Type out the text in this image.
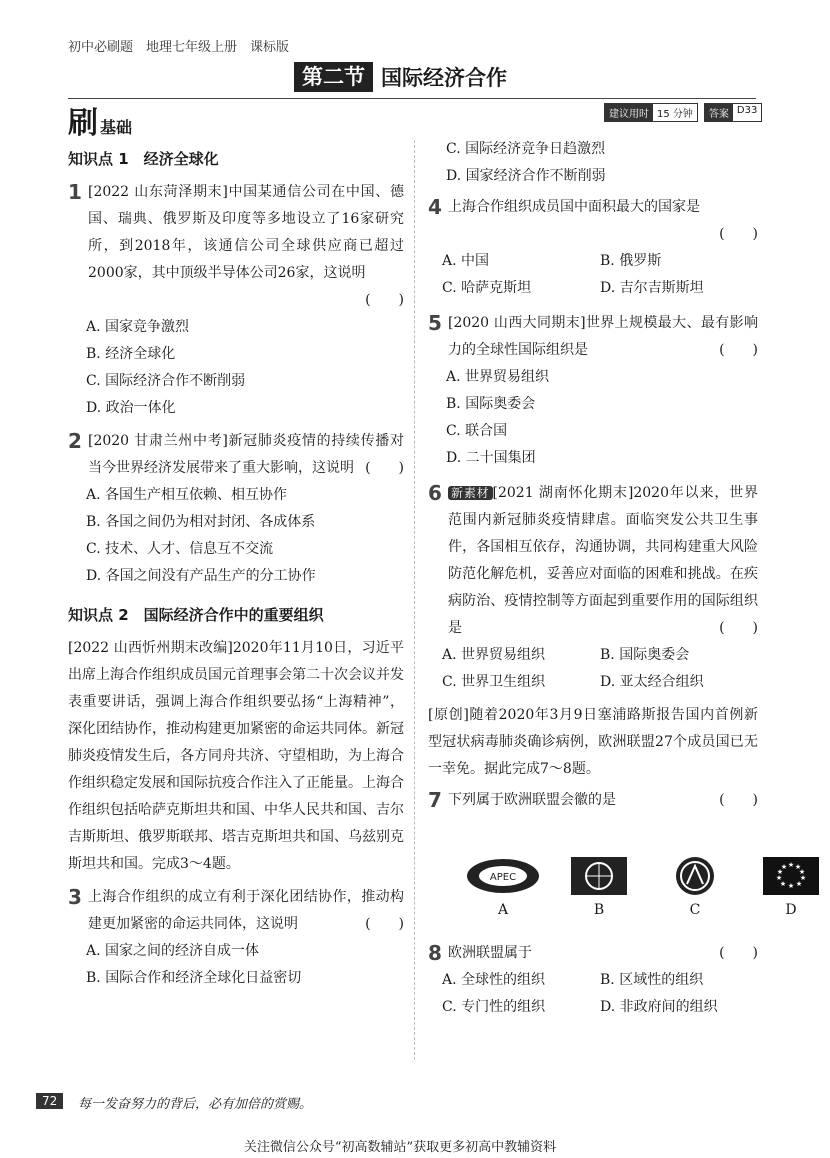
初中必刷题　地理七年级上册　课标版
第二节 国际经济合作
刷基础
建议用时 15 分钟	答案 D33
知识点 1　经济全球化
1 [2022 山东菏泽期末]中国某通信公司在中国、德国、瑞典、俄罗斯及印度等多地设立了16家研究所，到2018年，该通信公司全球供应商已超过2000家，其中顶级半导体公司26家，这说明
(　　)
A. 国家竞争激烈
B. 经济全球化
C. 国际经济合作不断削弱
D. 政治一体化
2 [2020 甘肃兰州中考]新冠肺炎疫情的持续传播对当今世界经济发展带来了重大影响，这说明 (　　)
A. 各国生产相互依赖、相互协作
B. 各国之间仍为相对封闭、各成体系
C. 技术、人才、信息互不交流
D. 各国之间没有产品生产的分工协作
知识点 2　国际经济合作中的重要组织
[2022 山西忻州期末改编]2020年11月10日，习近平出席上海合作组织成员国元首理事会第二十次会议并发表重要讲话，强调上海合作组织要弘扬“上海精神”，深化团结协作，推动构建更加紧密的命运共同体。新冠肺炎疫情发生后，各方同舟共济、守望相助，为上海合作组织稳定发展和国际抗疫合作注入了正能量。上海合作组织包括哈萨克斯坦共和国、中华人民共和国、吉尔吉斯斯坦、俄罗斯联邦、塔吉克斯坦共和国、乌兹别克斯坦共和国。完成3～4题。
3 上海合作组织的成立有利于深化团结协作，推动构建更加紧密的命运共同体，这说明	(　　)
A. 国家之间的经济自成一体
B. 国际合作和经济全球化日益密切
C. 国际经济竞争日趋激烈
D. 国家经济合作不断削弱
4 上海合作组织成员国中面积最大的国家是

(　　)
A. 中国	B. 俄罗斯
C. 哈萨克斯坦	D. 吉尔吉斯斯坦
5 [2020 山西大同期末]世界上规模最大、最有影响力的全球性国际组织是	(　　)
A. 世界贸易组织
B. 国际奥委会
C. 联合国
D. 二十国集团
6 新素材 [2021 湖南怀化期末]2020年以来，世界范围内新冠肺炎疫情肆虐。面临突发公共卫生事件，各国相互依存，沟通协调，共同构建重大风险防范化解危机，妥善应对面临的困难和挑战。在疾病防治、疫情控制等方面起到重要作用的国际组织是	(　　)
A. 世界贸易组织	B. 国际奥委会
C. 世界卫生组织	D. 亚太经合组织
[原创]随着2020年3月9日塞浦路斯报告国内首例新型冠状病毒肺炎确诊病例，欧洲联盟27个成员国已无一幸免。据此完成7～8题。
7 下列属于欧洲联盟会徽的是	(　　)
APEC
A	B	C
★ ★
★
★
★
★
★
★
★
★
D
8 欧洲联盟属于	(　　)
A. 全球性的组织	B. 区域性的组织
C. 专门性的组织	D. 非政府间的组织
72	每一发奋努力的背后，必有加倍的赏赐。
关注微信公众号“初高数辅站”获取更多初高中教辅资料
